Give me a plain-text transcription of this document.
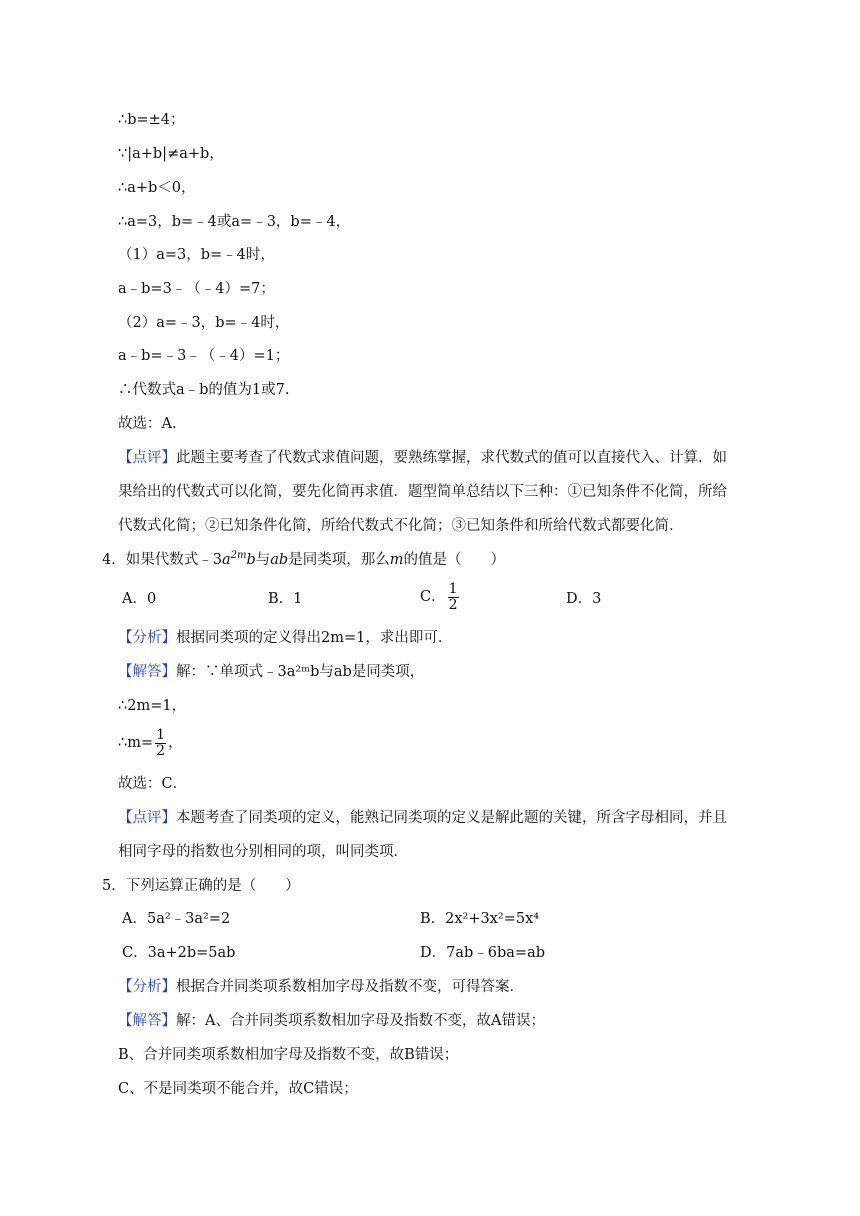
∴b=±4；
∵|a+b|≠a+b，
∴a+b＜0，
∴a=3，b=﹣4或a=﹣3，b=﹣4，
（1）a=3，b=﹣4时，
a﹣b=3﹣（﹣4）=7；
（2）a=﹣3，b=﹣4时，
a﹣b=﹣3﹣（﹣4）=1；
∴代数式a﹣b的值为1或7.
故选：A.
【点评】此题主要考查了代数式求值问题，要熟练掌握，求代数式的值可以直接代入、计算．如
果给出的代数式可以化简，要先化简再求值．题型简单总结以下三种：①已知条件不化简，所给
代数式化简；②已知条件化简，所给代数式不化简；③已知条件和所给代数式都要化简．
4．如果代数式$﹣3a^{2m}b$与ab是同类项，那么m的值是（　　）
A．0	B．1	C． $\frac{1}{2}$	D．3
【分析】根据同类项的定义得出2m=1，求出即可．
【解答】解：∵单项式﹣3a²ᵐb与ab是同类项，
∴2m=1，
∴m= $\frac{1}{2}$ ，
故选：C．
【点评】本题考查了同类项的定义，能熟记同类项的定义是解此题的关键，所含字母相同，并且
相同字母的指数也分别相同的项，叫同类项．
5．下列运算正确的是（　　）
A．5a²﹣3a²=2	B．2x²+3x²=5x⁴
C．3a+2b=5ab	D．7ab﹣6ba=ab
【分析】根据合并同类项系数相加字母及指数不变，可得答案．
【解答】解：A、合并同类项系数相加字母及指数不变，故A错误；
B、合并同类项系数相加字母及指数不变，故B错误；
C、不是同类项不能合并，故C错误；
